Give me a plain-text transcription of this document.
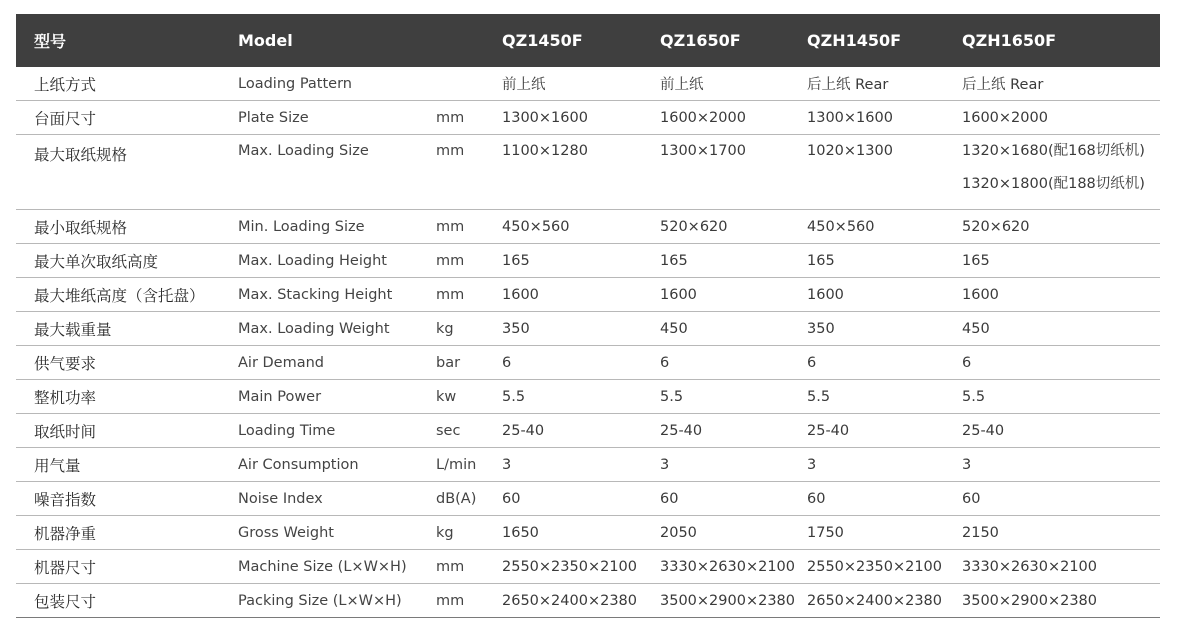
型号	Model		QZ1450F	QZ1650F	QZH1450F	QZH1650F
上纸方式	Loading Pattern		前上纸	前上纸	后上纸 Rear	后上纸 Rear
台面尺寸	Plate Size	mm	1300×1600	1600×2000	1300×1600	1600×2000
最大取纸规格	Max. Loading Size	mm	1100×1280	1300×1700	1020×1300	1320×1680(配168切纸机)
1320×1800(配188切纸机)

最小取纸规格	Min. Loading Size	mm	450×560	520×620	450×560	520×620
最大单次取纸高度	Max. Loading Height	mm	165	165	165	165
最大堆纸高度（含托盘）	Max. Stacking Height	mm	1600	1600	1600	1600
最大载重量	Max. Loading Weight	kg	350	450	350	450
供气要求	Air Demand	bar	6	6	6	6
整机功率	Main Power	kw	5.5	5.5	5.5	5.5
取纸时间	Loading Time	sec	25-40	25-40	25-40	25-40
用气量	Air Consumption	L/min	3	3	3	3
噪音指数	Noise Index	dB(A)	60	60	60	60
机器净重	Gross Weight	kg	1650	2050	1750	2150
机器尺寸	Machine Size (L×W×H)	mm	2550×2350×2100	3330×2630×2100	2550×2350×2100	3330×2630×2100
包装尺寸	Packing Size (L×W×H)	mm	2650×2400×2380	3500×2900×2380	2650×2400×2380	3500×2900×2380
